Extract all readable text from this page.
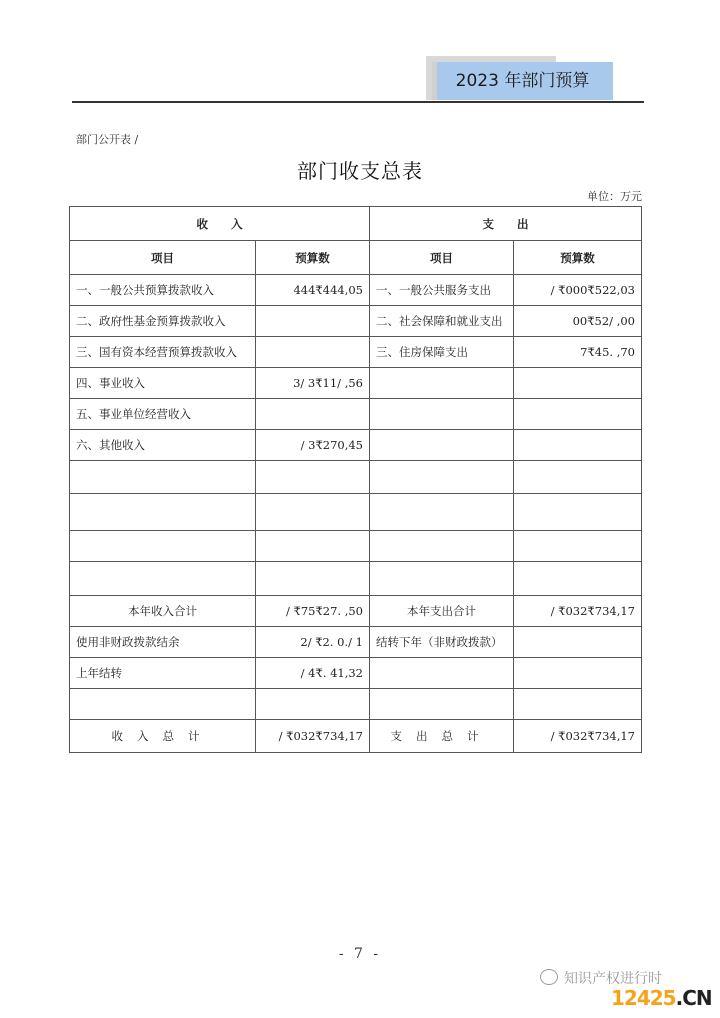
2023 年部门预算
部门公开表 /
部门收支总表
单位：万元
收　　入		支　　出	
项目	预算数	项目	预算数
一、一般公共预算拨款收入	444₹444,05	一、一般公共服务支出	/ ₹000₹522,03
二、政府性基金预算拨款收入		二、社会保障和就业支出	00₹52/ ,00
三、国有资本经营预算拨款收入		三、住房保障支出	7₹45. ,70
四、事业收入	3/ 3₹11/ ,56		
五、事业单位经营收入			
六、其他收入	/ 3₹270,45		

本年收入合计	/ ₹75₹27. ,50	本年支出合计	/ ₹032₹734,17
使用非财政拨款结余	2/ ₹2. 0./ 1	结转下年（非财政拨款）	
上年结转	/ 4₹. 41,32		

收入总计	/ ₹032₹734,17	支出总计	/ ₹032₹734,17
- 7 -
知识产权进行时
12425.CN
